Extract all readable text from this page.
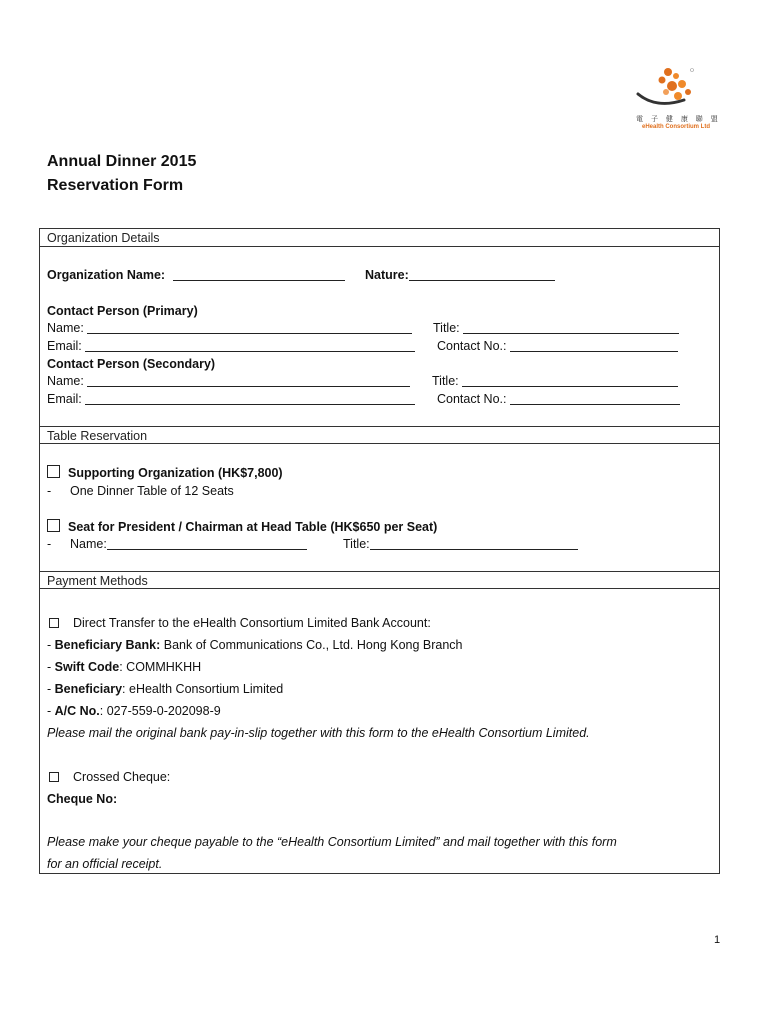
電 子 健 康 聯 盟
eHealth Consortium Ltd
Annual Dinner 2015
Reservation Form
Organization Details
Organization Name:	Nature:
Contact Person (Primary)
Name:	Title:
Email:	Contact No.:
Contact Person (Secondary)
Name:	Title:
Email:	Contact No.:
Table Reservation
Supporting Organization (HK$7,800)
- One Dinner Table of 12 Seats
Seat for President / Chairman at Head Table (HK$650 per Seat)
- Name:	Title:
Payment Methods
Direct Transfer to the eHealth Consortium Limited Bank Account:
- Beneficiary Bank: Bank of Communications Co., Ltd. Hong Kong Branch
- Swift Code: COMMHKHH
- Beneficiary: eHealth Consortium Limited
- A/C No.: 027-559-0-202098-9
Please mail the original bank pay-in-slip together with this form to the eHealth Consortium Limited.
Crossed Cheque:
Cheque No:
Please make your cheque payable to the “eHealth Consortium Limited” and mail together with this form
for an official receipt.
1
